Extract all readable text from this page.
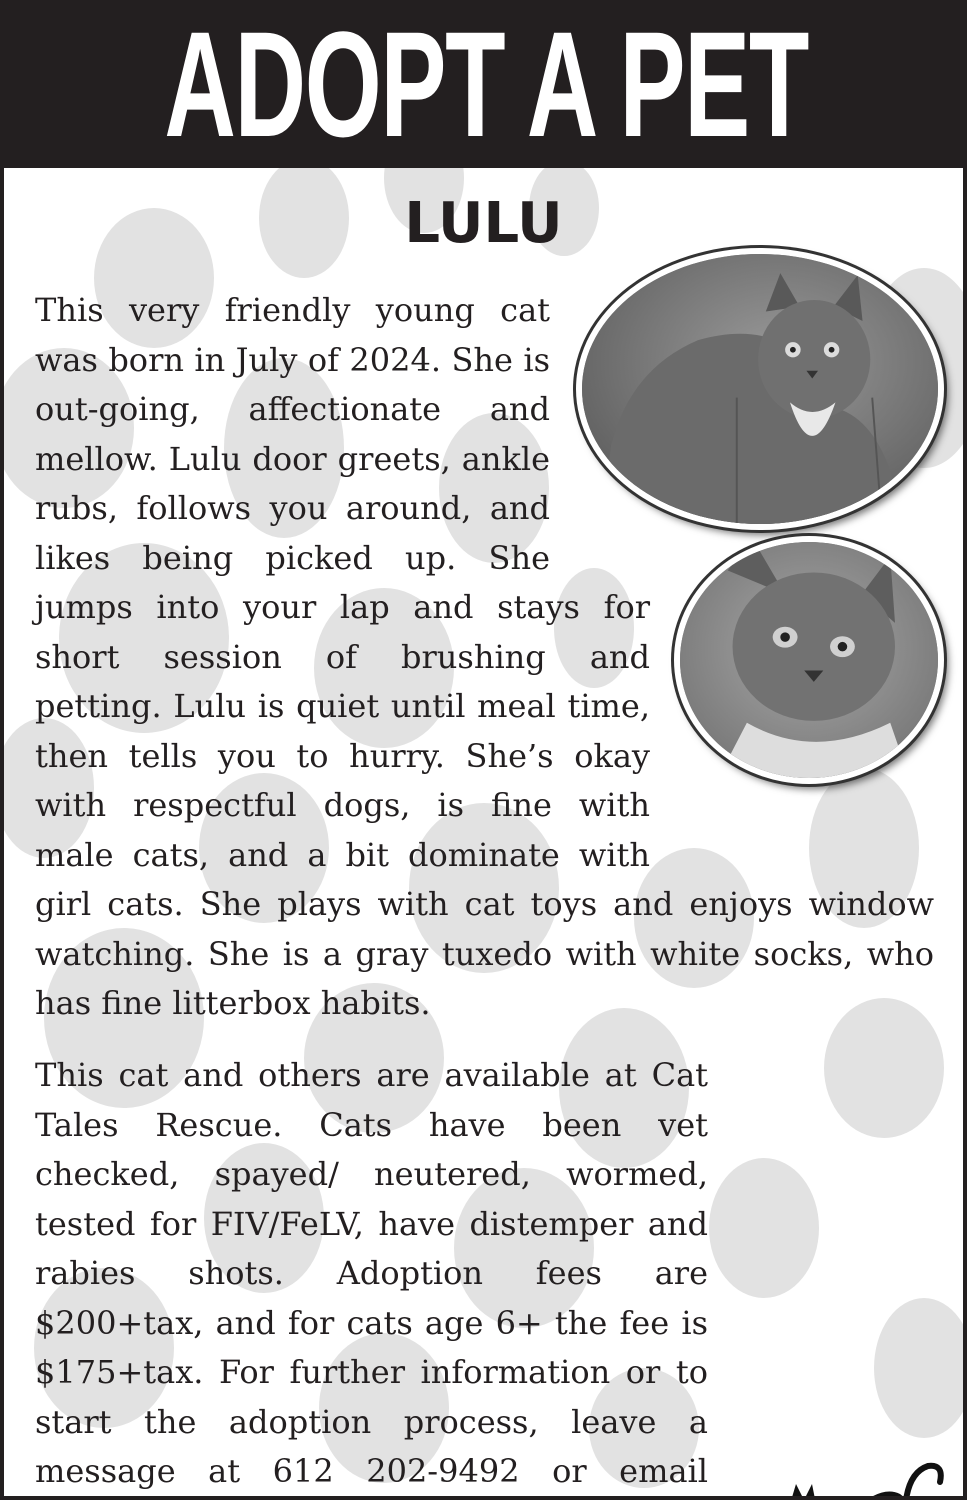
ADOPT A PET
LULU
This very friendly young cat was born in July of 2024. She is out-going, affectionate and mellow. Lulu door greets, ankle rubs, follows you around, and likes being picked up. She jumps into your lap and stays for short session of brushing and petting. Lulu is quiet until meal time, then tells you to hurry. She’s okay with respectful dogs, is fine with male cats, and a bit dominate with girl cats. She plays with cat toys and enjoys window watching. She is a gray tuxedo with white socks, who has fine litterbox habits.
This cat and others are available at Cat Tales Rescue. Cats have been vet checked, spayed/ neutered, wormed, tested for FIV/FeLV, have distemper and rabies shots. Adoption fees are $200+tax, and for cats age 6+ the fee is $175+tax. For further information or to start the adoption process, leave a message at 612 202-9492 or email
